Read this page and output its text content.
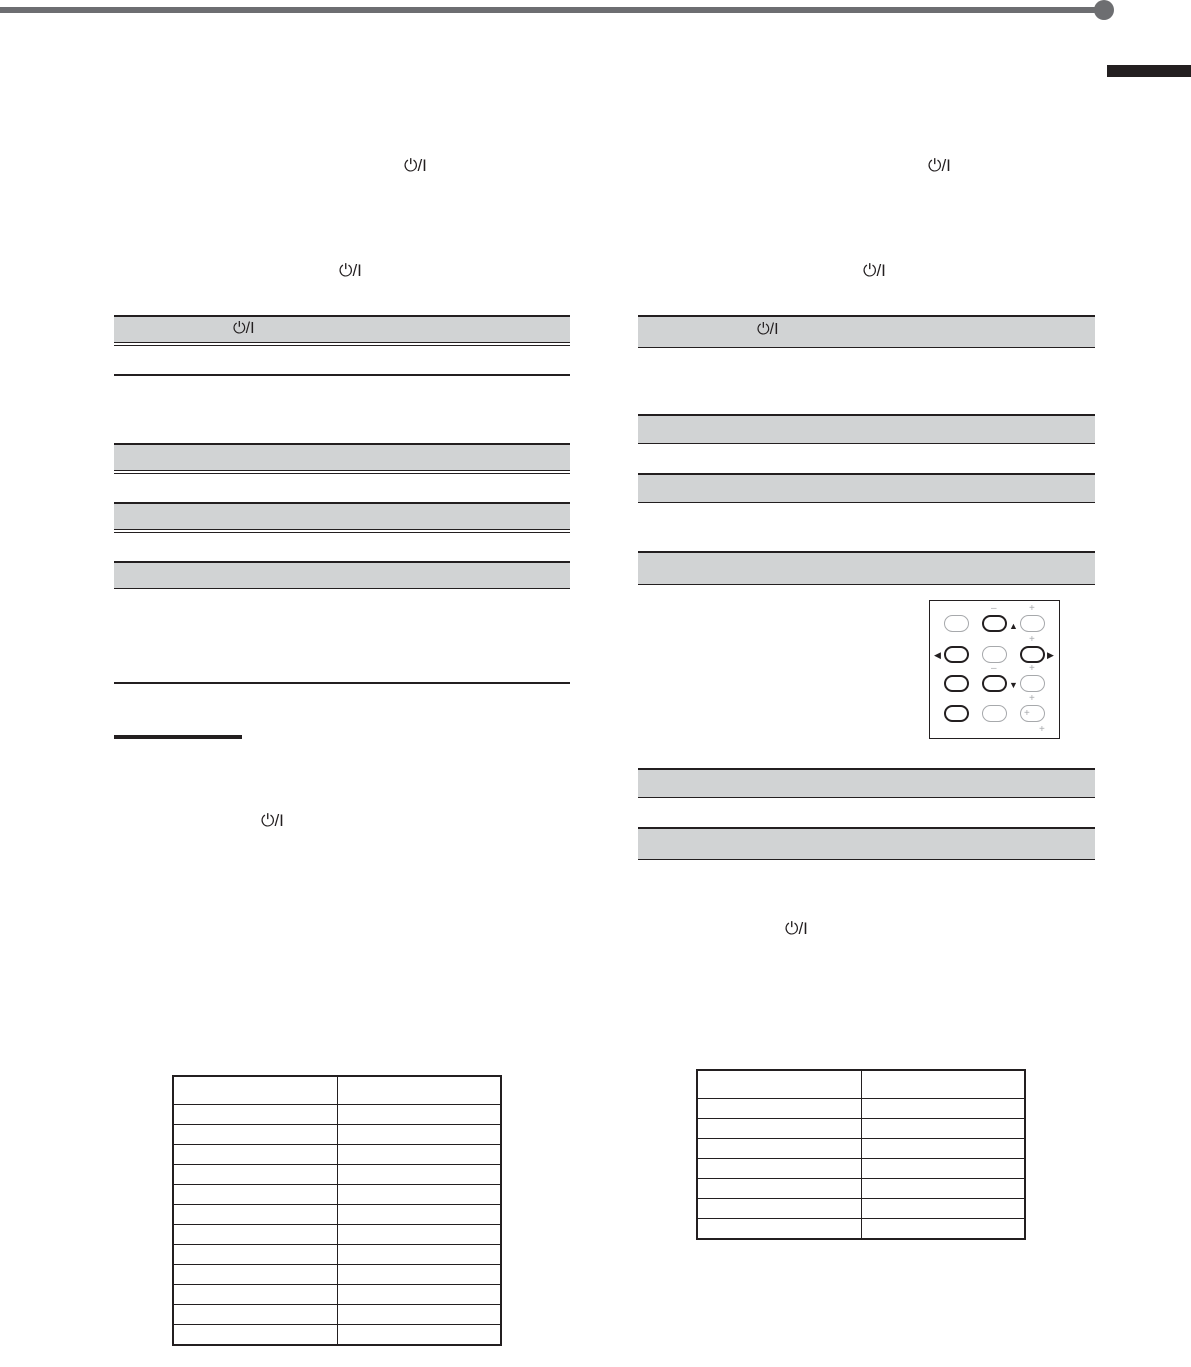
⏻/I	⏻/I
⏻/I	⏻/I
⏻/I
⏻/I
⏻/I	⏻/I
–	+
▲
◀	▶
+
–	+
▼
+
+
+
